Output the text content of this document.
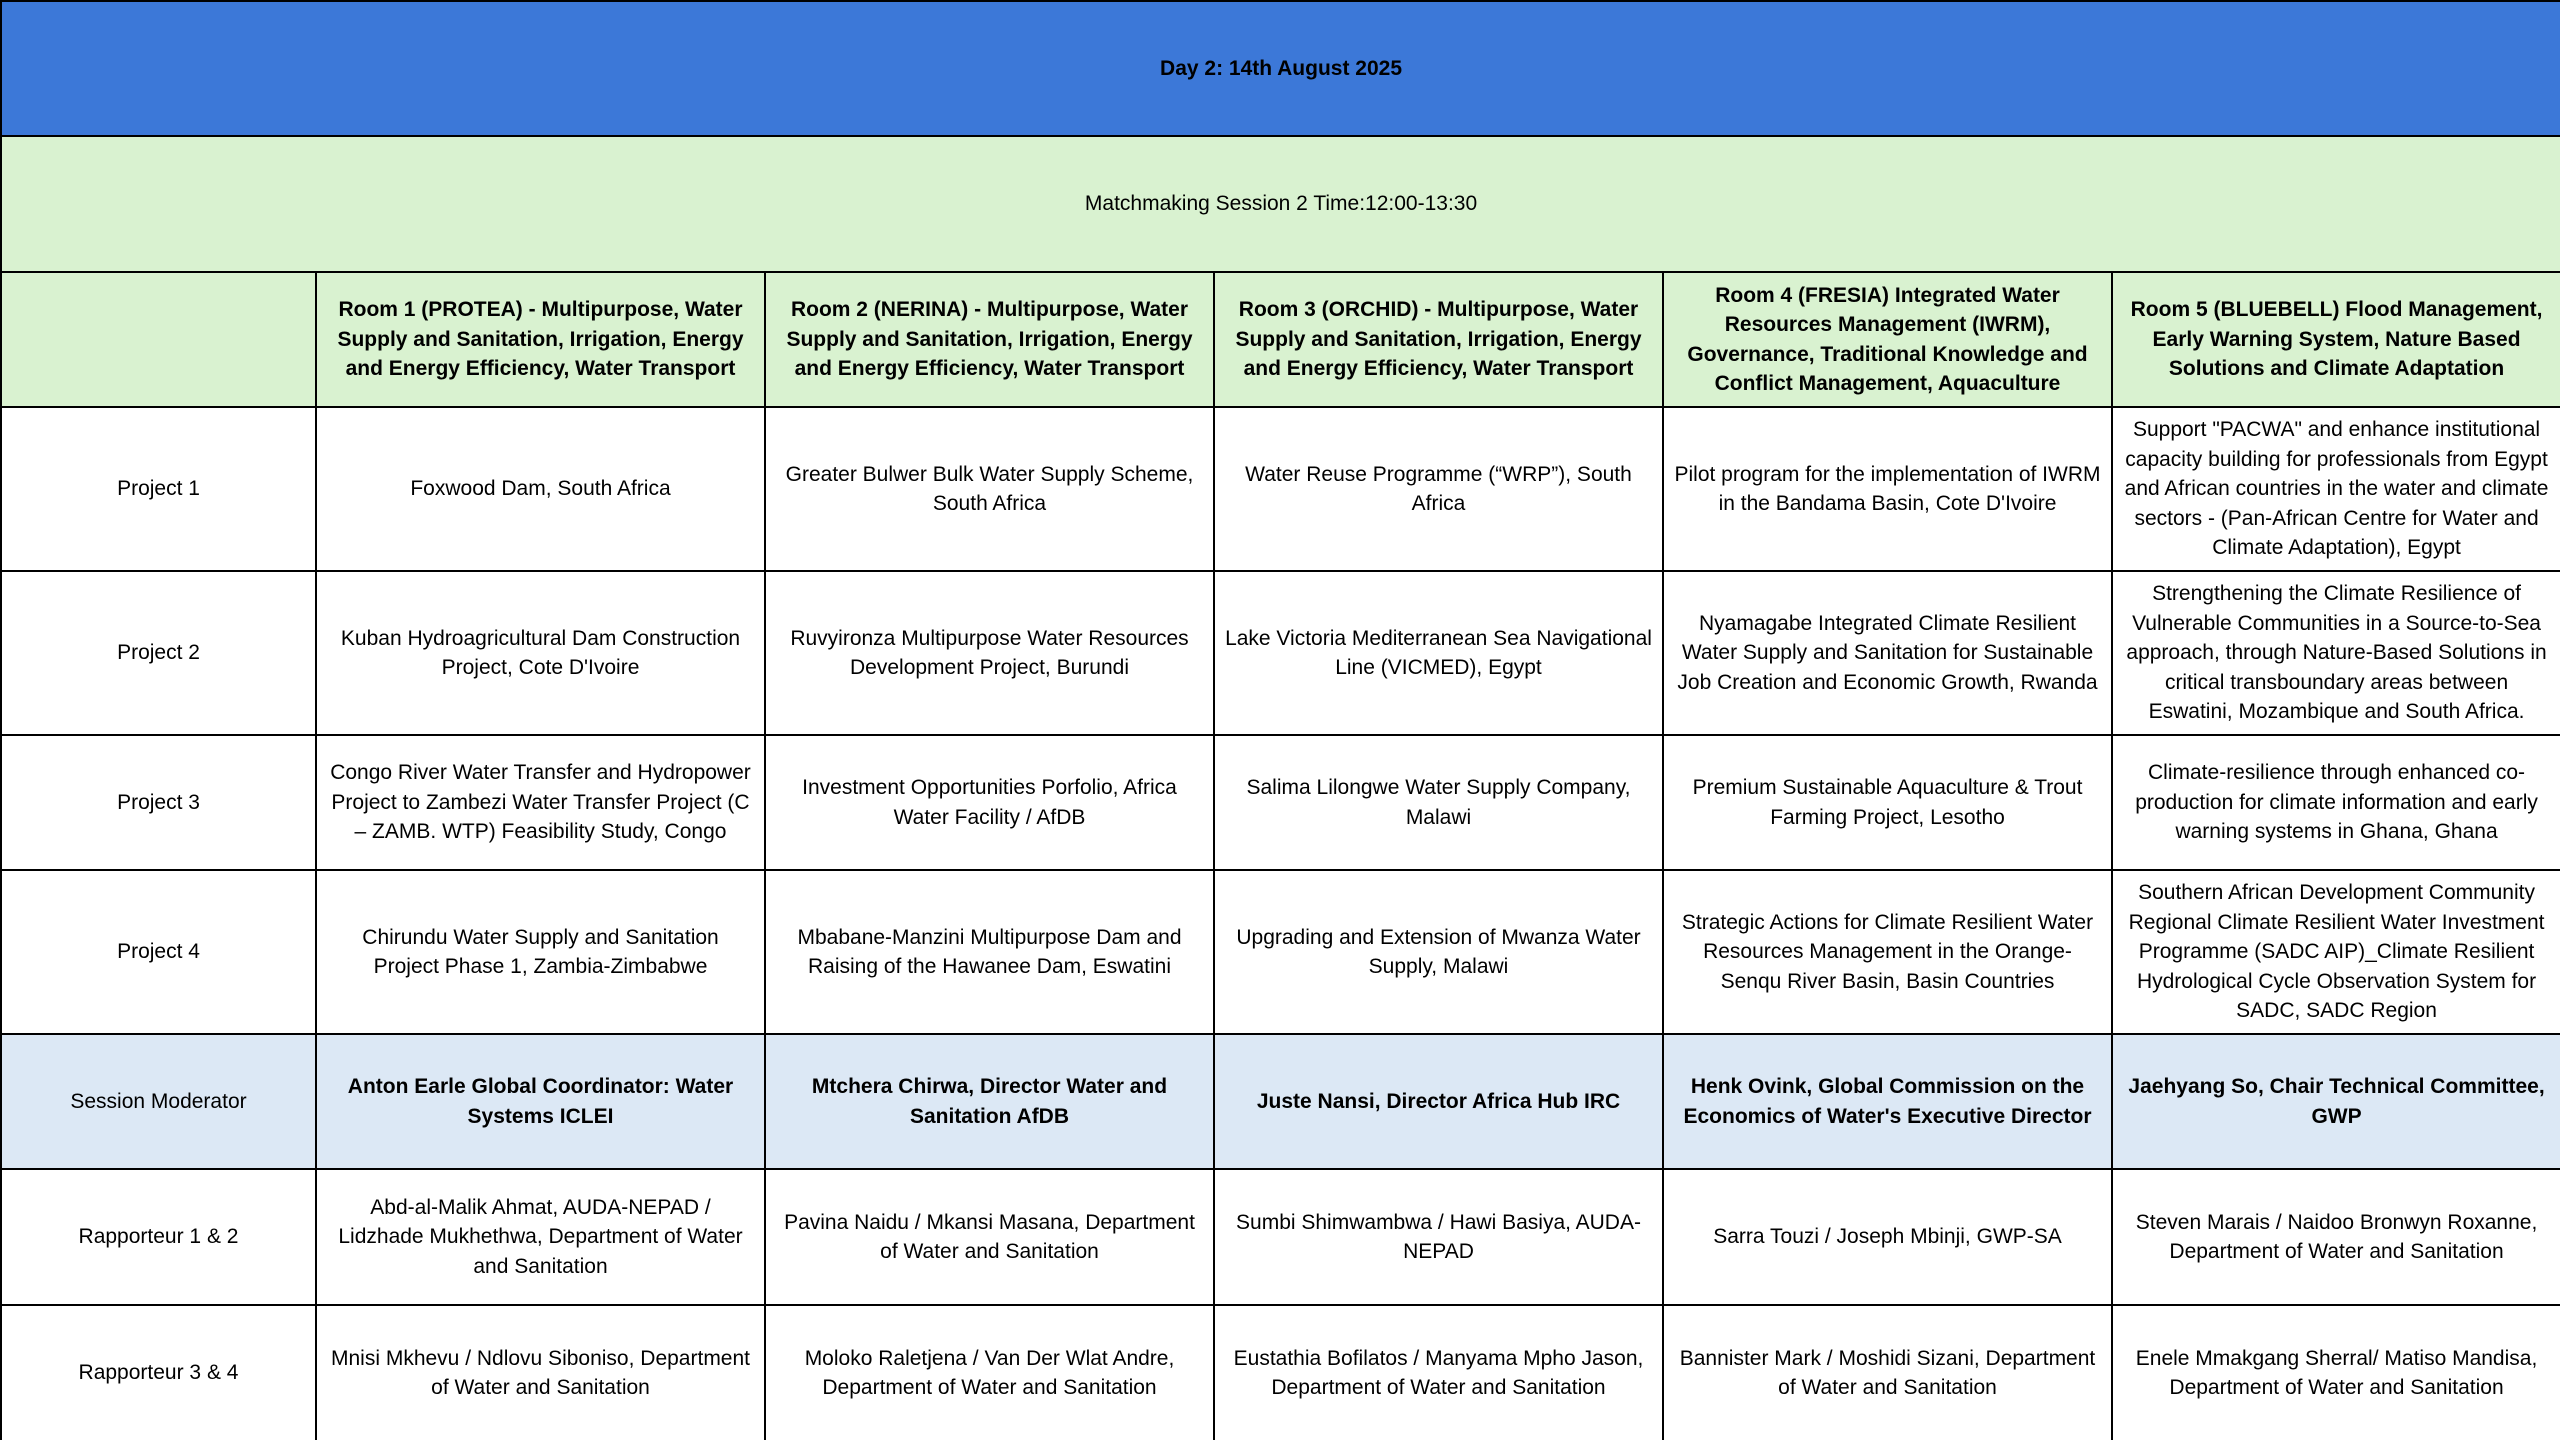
Day 2: 14th August 2025					
Matchmaking Session 2 Time:12:00-13:30					
	Room 1 (PROTEA) - Multipurpose, Water Supply and Sanitation, Irrigation, Energy and Energy Efficiency, Water Transport	Room 2 (NERINA) - Multipurpose, Water Supply and Sanitation, Irrigation, Energy and Energy Efficiency, Water Transport	Room 3 (ORCHID) - Multipurpose, Water Supply and Sanitation, Irrigation, Energy and Energy Efficiency, Water Transport	Room 4 (FRESIA) Integrated Water Resources Management (IWRM), Governance, Traditional Knowledge and Conflict Management, Aquaculture	Room 5 (BLUEBELL) Flood Management, Early Warning System, Nature Based Solutions and Climate Adaptation
Project 1	Foxwood Dam, South Africa	Greater Bulwer Bulk Water Supply Scheme, South Africa	Water Reuse Programme (“WRP”), South Africa	Pilot program for the implementation of IWRM in the Bandama Basin, Cote D'Ivoire	Support "PACWA" and enhance institutional capacity building for professionals from Egypt and African countries in the water and climate sectors - (Pan-African Centre for Water and Climate Adaptation), Egypt
Project 2	Kuban Hydroagricultural Dam Construction Project, Cote D'Ivoire	Ruvyironza Multipurpose Water Resources Development Project, Burundi	Lake Victoria Mediterranean Sea Navigational Line (VICMED), Egypt	Nyamagabe Integrated Climate Resilient Water Supply and Sanitation for Sustainable Job Creation and Economic Growth, Rwanda	Strengthening the Climate Resilience of Vulnerable Communities in a Source-to-Sea approach, through Nature-Based Solutions in critical transboundary areas between Eswatini, Mozambique and South Africa.
Project 3	Congo River Water Transfer and Hydropower Project to Zambezi Water Transfer Project (C – ZAMB. WTP) Feasibility Study, Congo	Investment Opportunities Porfolio, Africa Water Facility / AfDB	Salima Lilongwe Water Supply Company, Malawi	Premium Sustainable Aquaculture & Trout Farming Project, Lesotho	Climate-resilience through enhanced co-production for climate information and early warning systems in Ghana, Ghana
Project 4	Chirundu Water Supply and Sanitation Project Phase 1, Zambia-Zimbabwe	Mbabane-Manzini Multipurpose Dam and Raising of the Hawanee Dam, Eswatini	Upgrading and Extension of Mwanza Water Supply, Malawi	Strategic Actions for Climate Resilient Water Resources Management in the Orange-Senqu River Basin, Basin Countries	Southern African Development Community Regional Climate Resilient Water Investment Programme (SADC AIP)_Climate Resilient Hydrological Cycle Observation System for SADC, SADC Region
Session Moderator	Anton Earle Global Coordinator: Water Systems ICLEI	Mtchera Chirwa, Director Water and Sanitation AfDB	Juste Nansi, Director Africa Hub IRC	Henk Ovink, Global Commission on the Economics of Water's Executive Director	Jaehyang So, Chair Technical Committee, GWP
Rapporteur 1 & 2	Abd-al-Malik Ahmat, AUDA-NEPAD / Lidzhade Mukhethwa, Department of Water and Sanitation	Pavina Naidu / Mkansi Masana, Department of Water and Sanitation	Sumbi Shimwambwa / Hawi Basiya, AUDA-NEPAD	Sarra Touzi / Joseph Mbinji, GWP-SA	Steven Marais / Naidoo Bronwyn Roxanne, Department of Water and Sanitation
Rapporteur 3 & 4	Mnisi Mkhevu / Ndlovu Siboniso, Department of Water and Sanitation	Moloko Raletjena / Van Der Wlat Andre, Department of Water and Sanitation	Eustathia Bofilatos / Manyama Mpho Jason, Department of Water and Sanitation	Bannister Mark / Moshidi Sizani, Department of Water and Sanitation	Enele Mmakgang Sherral/ Matiso Mandisa, Department of Water and Sanitation
